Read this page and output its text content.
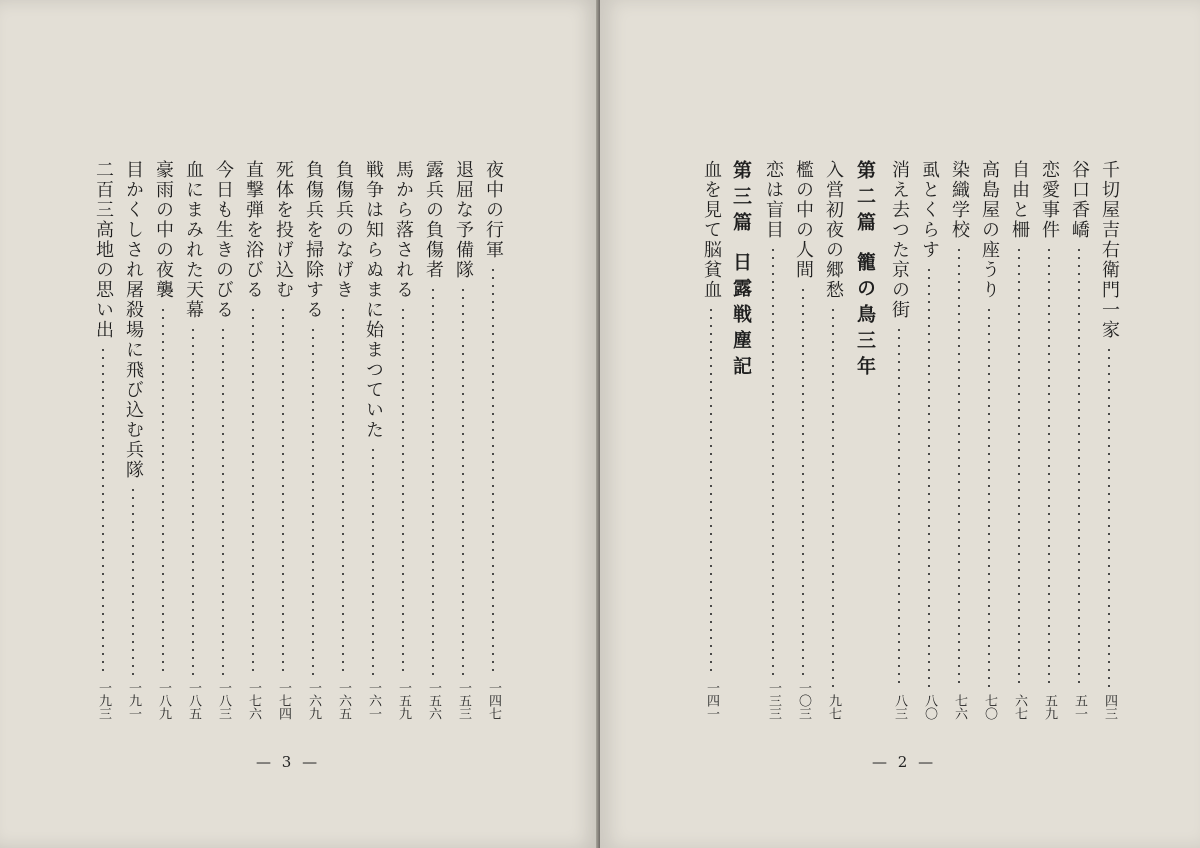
夜中の行軍
一四七
退屈な予備隊
一五三
露兵の負傷者
一五六
馬から落される
一五九
戦争は知らぬまに始まつていた
一六一
負傷兵のなげき
一六五
負傷兵を掃除する
一六九
死体を投げ込む
一七四
直撃弾を浴びる
一七六
今日も生きのびる
一八三
血にまみれた天幕
一八五
豪雨の中の夜襲
一八九
目かくしされ屠殺場に飛び込む兵隊
一九一
二百三高地の思い出
一九三
— 3 —
千切屋吉右衛門一家
四三
谷口香嶠
五一
恋愛事件
五九
自由と柵
六七
高島屋の座うり
七〇
染織学校
七六
虱とくらす
八〇
消え去つた京の街
八三
第二篇 籠の鳥三年
入営初夜の郷愁
九七
檻の中の人間
一〇三
恋は盲目
一三三
第三篇 日露戦塵記
血を見て脳貧血
一四一
— 2 —
